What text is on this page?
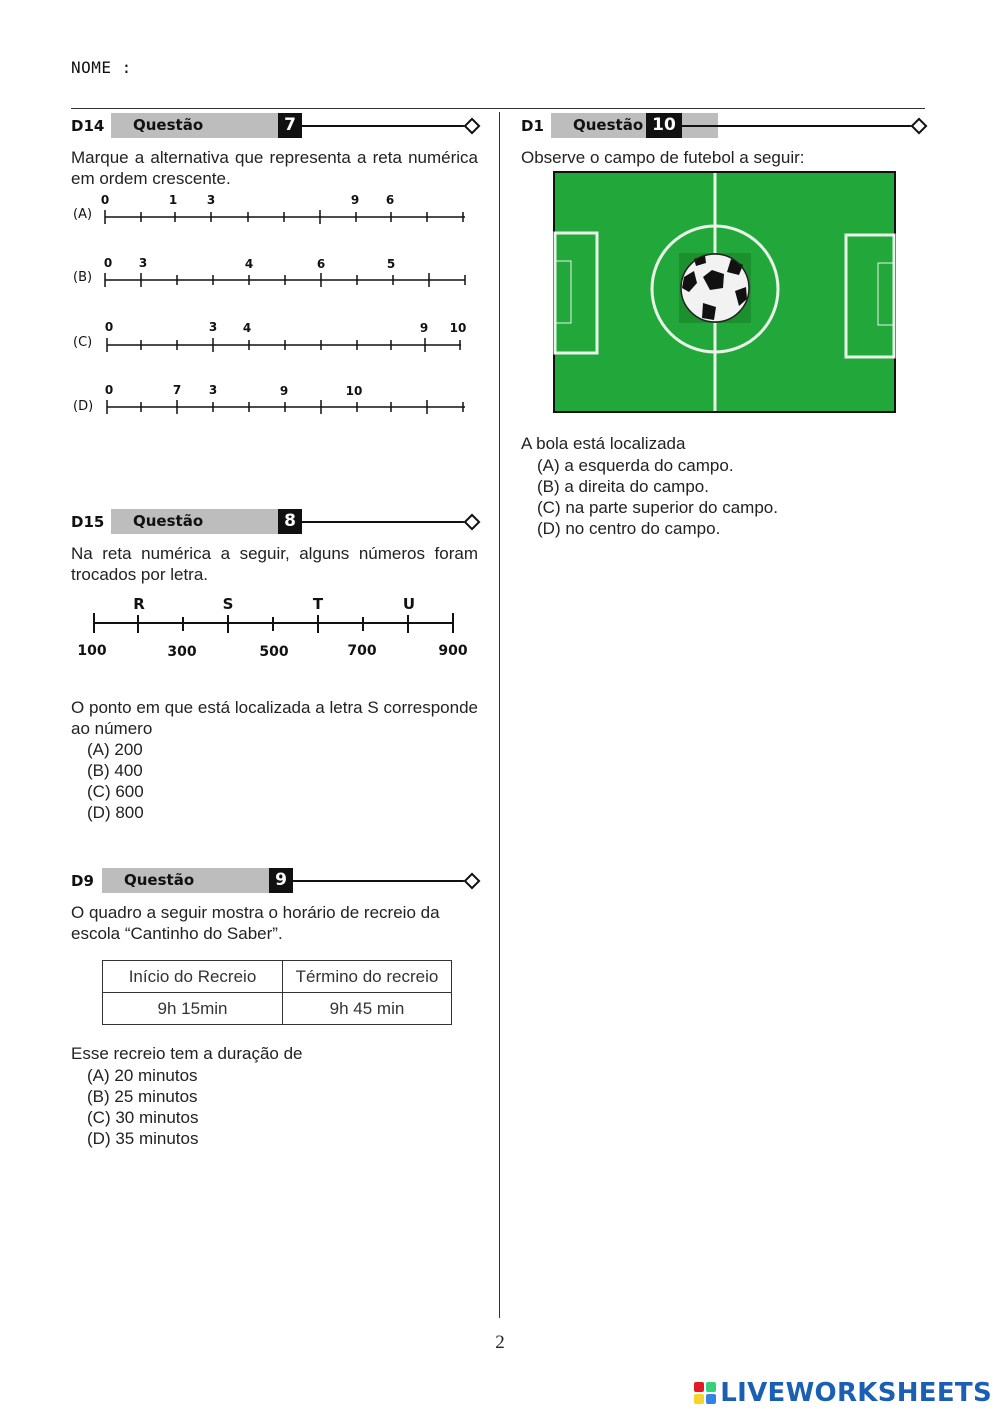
NOME :
D14	Questão	7
Marque a alternativa que representa a reta numérica em ordem crescente.
(A)
0	1 3	9 6
(B)
0 3	4	6	5
(C)
0	3 4	9 10
(D)
0	7 3	9	10
D15	Questão	8
Na reta numérica a seguir, alguns números foram trocados por letra.
R	S	T	U
100	300	500	700	900
O ponto em que está localizada a letra S corresponde ao número
(A) 200
(B) 400
(C) 600
(D) 800
D9	Questão	9
O quadro a seguir mostra o horário de recreio da escola “Cantinho do Saber”.
Início do Recreio	Término do recreio
9h 15min	9h 45 min
Esse recreio tem a duração de
(A) 20 minutos
(B) 25 minutos
(C) 30 minutos
(D) 35 minutos
D1	Questão 10
Observe o campo de futebol a seguir:
A bola está localizada
(A) a esquerda do campo.
(B) a direita do campo.
(C) na parte superior do campo.
(D) no centro do campo.
2
LIVEWORKSHEETS
